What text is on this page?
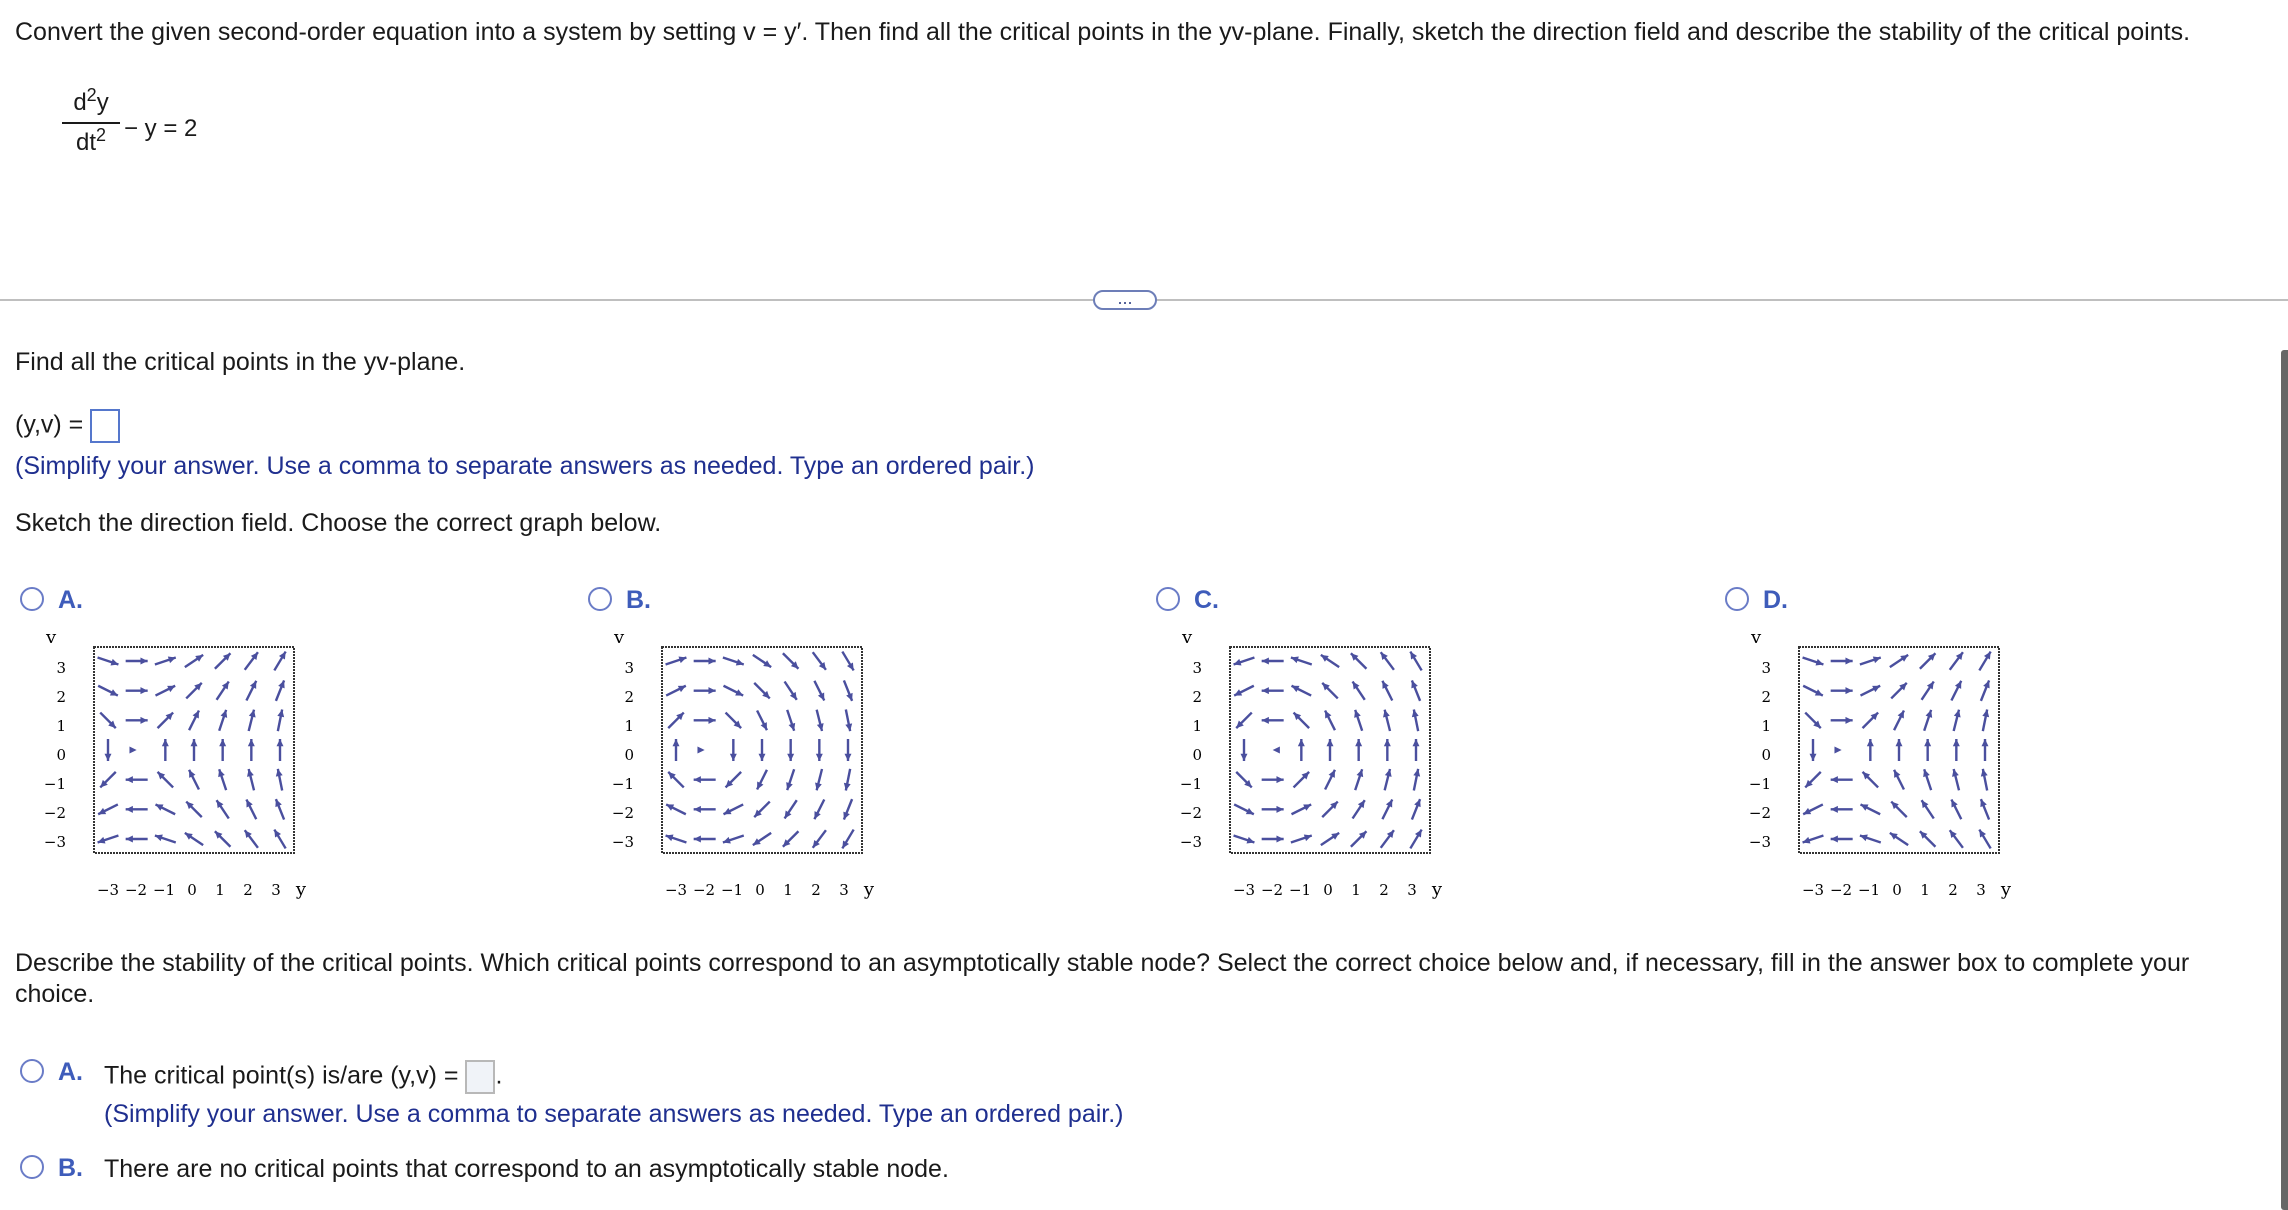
Convert the given second-order equation into a system by setting v = y′. Then find all the critical points in the yv-plane. Finally, sketch the direction field and describe the stability of the critical points.
$d^2y$
$dt^2 - y = 2$
...
Find all the critical points in the yv-plane.
(y,v) =
(Simplify your answer. Use a comma to separate answers as needed. Type an ordered pair.)
Sketch the direction field. Choose the correct graph below.
A.
v
3
2
1
0
−1
−2
−3
−3 −2 −1 0 1 2 3 y
B.
v
3
2
1
0
−1
−2
−3
−3 −2 −1 0 1 2 3 y
C.
v
3
2
1
0
−1
−2
−3
−3 −2 −1 0 1 2 3 y
D.
v
3
2
1
0
−1
−2
−3
−3 −2 −1 0 1 2 3 y
Describe the stability of the critical points. Which critical points correspond to an asymptotically stable node? Select the correct choice below and, if necessary, fill in the answer box to complete your
choice.
A. The critical point(s) is/are (y,v) = .
(Simplify your answer. Use a comma to separate answers as needed. Type an ordered pair.)
B. There are no critical points that correspond to an asymptotically stable node.
